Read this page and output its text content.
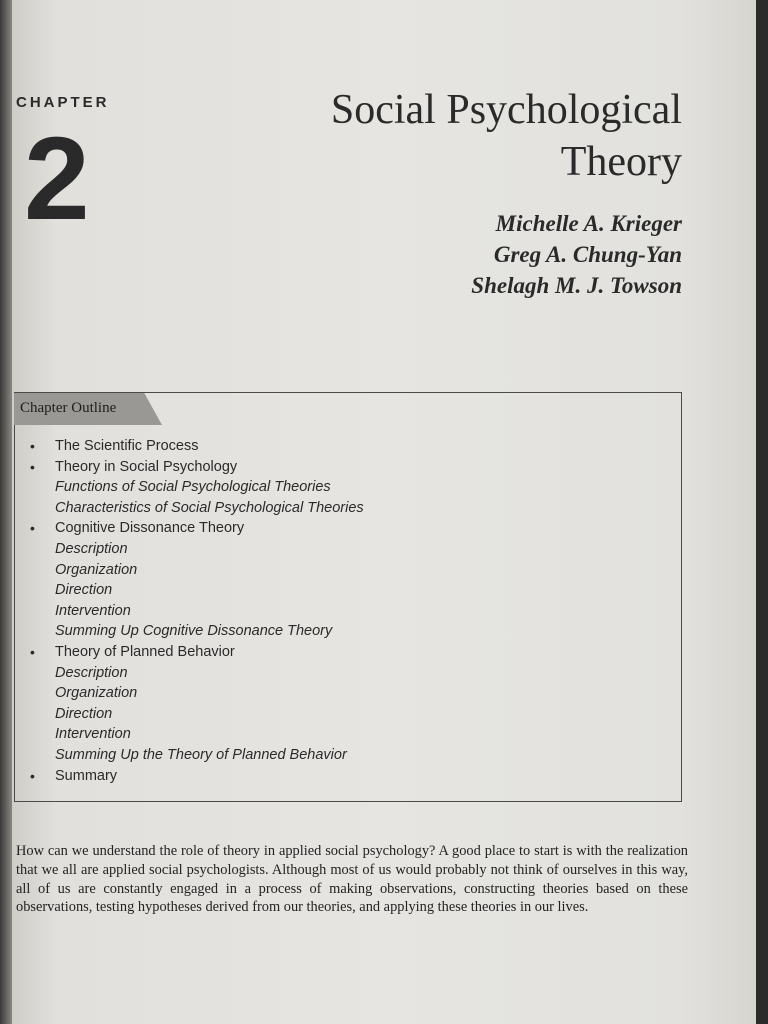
CHAPTER
2
Social Psychological
Theory
Michelle A. Krieger
Greg A. Chung-Yan
Shelagh M. J. Towson
Chapter Outline
• The Scientific Process
• Theory in Social Psychology
Functions of Social Psychological Theories
Characteristics of Social Psychological Theories
• Cognitive Dissonance Theory
Description
Organization
Direction
Intervention
Summing Up Cognitive Dissonance Theory
• Theory of Planned Behavior
Description
Organization
Direction
Intervention
Summing Up the Theory of Planned Behavior
• Summary

How can we understand the role of theory in applied social psychology? A good place to start is with the realization that we all are applied social psychologists. Although most of us would probably not think of ourselves in this way, all of us are constantly engaged in a process of making observations, constructing theories based on these observations, testing hypotheses derived from our theories, and applying these theories in our lives.
